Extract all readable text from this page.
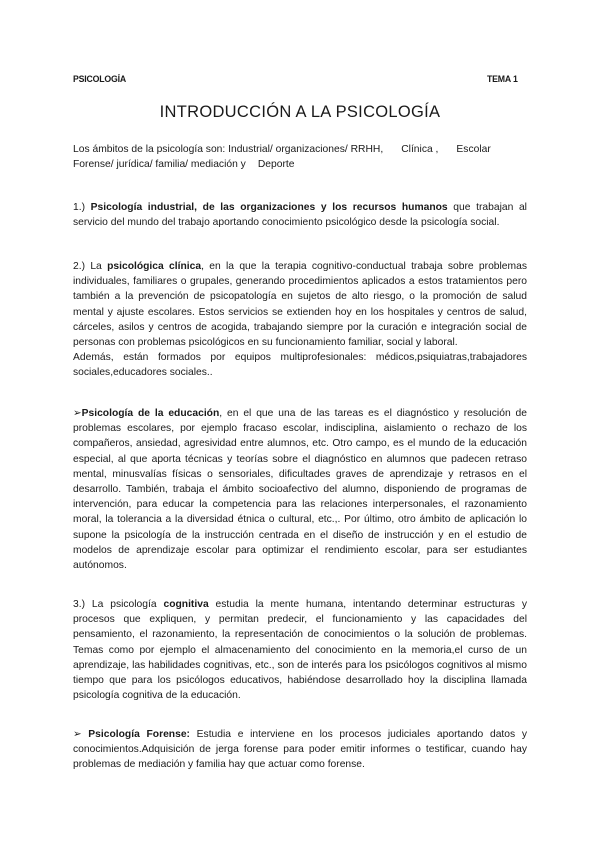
PSICOLOGÍA	TEMA 1
INTRODUCCIÓN A LA PSICOLOGÍA
Los ámbitos de la psicología son: Industrial/ organizaciones/ RRHH, Clínica , Escolar
Forense/ jurídica/ familia/ mediación y Deporte
1.) Psicología industrial, de las organizaciones y los recursos humanos que trabajan al servicio del mundo del trabajo aportando conocimiento psicológico desde la psicología social.
2.) La psicológica clínica, en la que la terapia cognitivo-conductual trabaja sobre problemas individuales, familiares o grupales, generando procedimientos aplicados a estos tratamientos pero también a la prevención de psicopatología en sujetos de alto riesgo, o la promoción de salud mental y ajuste escolares. Estos servicios se extienden hoy en los hospitales y centros de salud, cárceles, asilos y centros de acogida, trabajando siempre por la curación e integración social de personas con problemas psicológicos en su funcionamiento familiar, social y laboral.
Además, están formados por equipos multiprofesionales: médicos,psiquiatras,trabajadores sociales,educadores sociales..
➢Psicología de la educación, en el que una de las tareas es el diagnóstico y resolución de problemas escolares, por ejemplo fracaso escolar, indisciplina, aislamiento o rechazo de los compañeros, ansiedad, agresividad entre alumnos, etc. Otro campo, es el mundo de la educación especial, al que aporta técnicas y teorías sobre el diagnóstico en alumnos que padecen retraso mental, minusvalías físicas o sensoriales, dificultades graves de aprendizaje y retrasos en el desarrollo. También, trabaja el ámbito socioafectivo del alumno, disponiendo de programas de intervención, para educar la competencia para las relaciones interpersonales, el razonamiento moral, la tolerancia a la diversidad étnica o cultural, etc.,. Por último, otro ámbito de aplicación lo supone la psicología de la instrucción centrada en el diseño de instrucción y en el estudio de modelos de aprendizaje escolar para optimizar el rendimiento escolar, para ser estudiantes autónomos.
3.) La psicología cognitiva estudia la mente humana, intentando determinar estructuras y procesos que expliquen, y permitan predecir, el funcionamiento y las capacidades del pensamiento, el razonamiento, la representación de conocimientos o la solución de problemas. Temas como por ejemplo el almacenamiento del conocimiento en la memoria,el curso de un aprendizaje, las habilidades cognitivas, etc., son de interés para los psicólogos cognitivos al mismo tiempo que para los psicólogos educativos, habiéndose desarrollado hoy la disciplina llamada psicología cognitiva de la educación.
➢ Psicología Forense: Estudia e interviene en los procesos judiciales aportando datos y conocimientos.Adquisición de jerga forense para poder emitir informes o testificar, cuando hay problemas de mediación y familia hay que actuar como forense.
